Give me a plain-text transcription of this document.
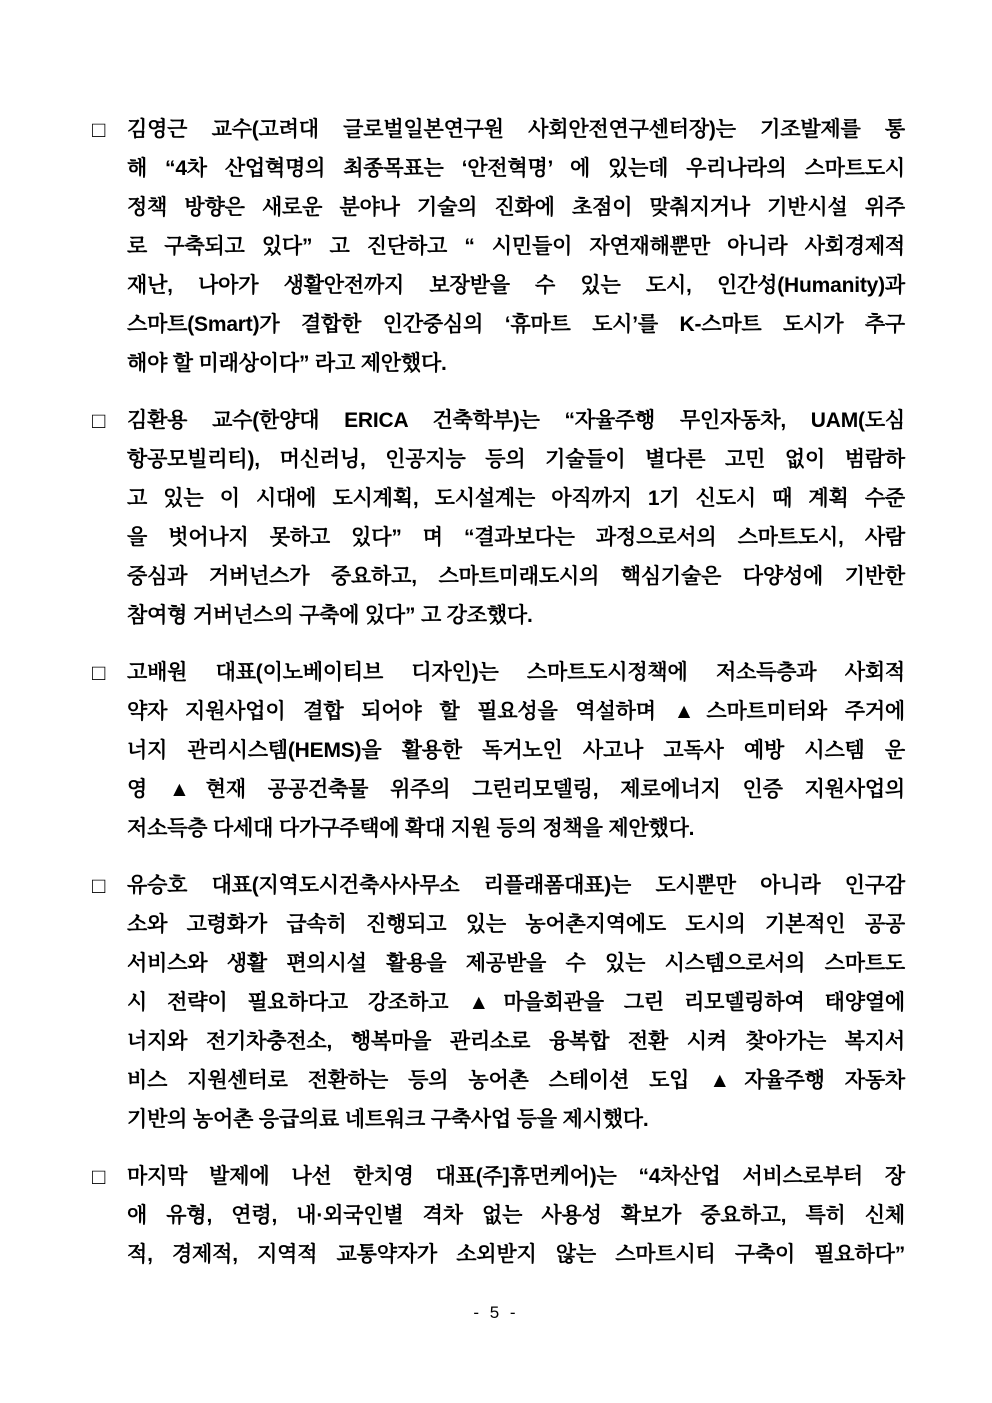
□ 김영근 교수(고려대 글로벌일본연구원 사회안전연구센터장)는 기조발제를 통
해 “4차 산업혁명의 최종목표는 ‘안전혁명’ 에 있는데 우리나라의 스마트도시
정책 방향은 새로운 분야나 기술의 진화에 초점이 맞춰지거나 기반시설 위주
로 구축되고 있다” 고 진단하고 “ 시민들이 자연재해뿐만 아니라 사회경제적
재난, 나아가 생활안전까지 보장받을 수 있는 도시, 인간성(Humanity)과
스마트(Smart)가 결합한 인간중심의 ‘휴마트 도시’를 K-스마트 도시가 추구
해야 할 미래상이다” 라고 제안했다.
□ 김환용 교수(한양대 ERICA 건축학부)는 “자율주행 무인자동차, UAM(도심
항공모빌리티), 머신러닝, 인공지능 등의 기술들이 별다른 고민 없이 범람하
고 있는 이 시대에 도시계획, 도시설계는 아직까지 1기 신도시 때 계획 수준
을 벗어나지 못하고 있다” 며 “결과보다는 과정으로서의 스마트도시, 사람
중심과 거버넌스가 중요하고, 스마트미래도시의 핵심기술은 다양성에 기반한
참여형 거버넌스의 구축에 있다” 고 강조했다.
□ 고배원 대표(이노베이티브 디자인)는 스마트도시정책에 저소득층과 사회적
약자 지원사업이 결합 되어야 할 필요성을 역설하며 ▲스마트미터와 주거에
너지 관리시스템(HEMS)을 활용한 독거노인 사고나 고독사 예방 시스템 운
영 ▲현재 공공건축물 위주의 그린리모델링, 제로에너지 인증 지원사업의
저소득층 다세대 다가구주택에 확대 지원 등의 정책을 제안했다.
□ 유승호 대표(지역도시건축사사무소 리플래폼대표)는 도시뿐만 아니라 인구감
소와 고령화가 급속히 진행되고 있는 농어촌지역에도 도시의 기본적인 공공
서비스와 생활 편의시설 활용을 제공받을 수 있는 시스템으로서의 스마트도
시 전략이 필요하다고 강조하고 ▲마을회관을 그린 리모델링하여 태양열에
너지와 전기차충전소, 행복마을 관리소로 융복합 전환 시켜 찾아가는 복지서
비스 지원센터로 전환하는 등의 농어촌 스테이션 도입 ▲자율주행 자동차
기반의 농어촌 응급의료 네트워크 구축사업 등을 제시했다.
□ 마지막 발제에 나선 한치영 대표(주]휴먼케어)는 “4차산업 서비스로부터 장
애 유형, 연령, 내·외국인별 격차 없는 사용성 확보가 중요하고, 특히 신체
적, 경제적, 지역적 교통약자가 소외받지 않는 스마트시티 구축이 필요하다”
- 5 -
